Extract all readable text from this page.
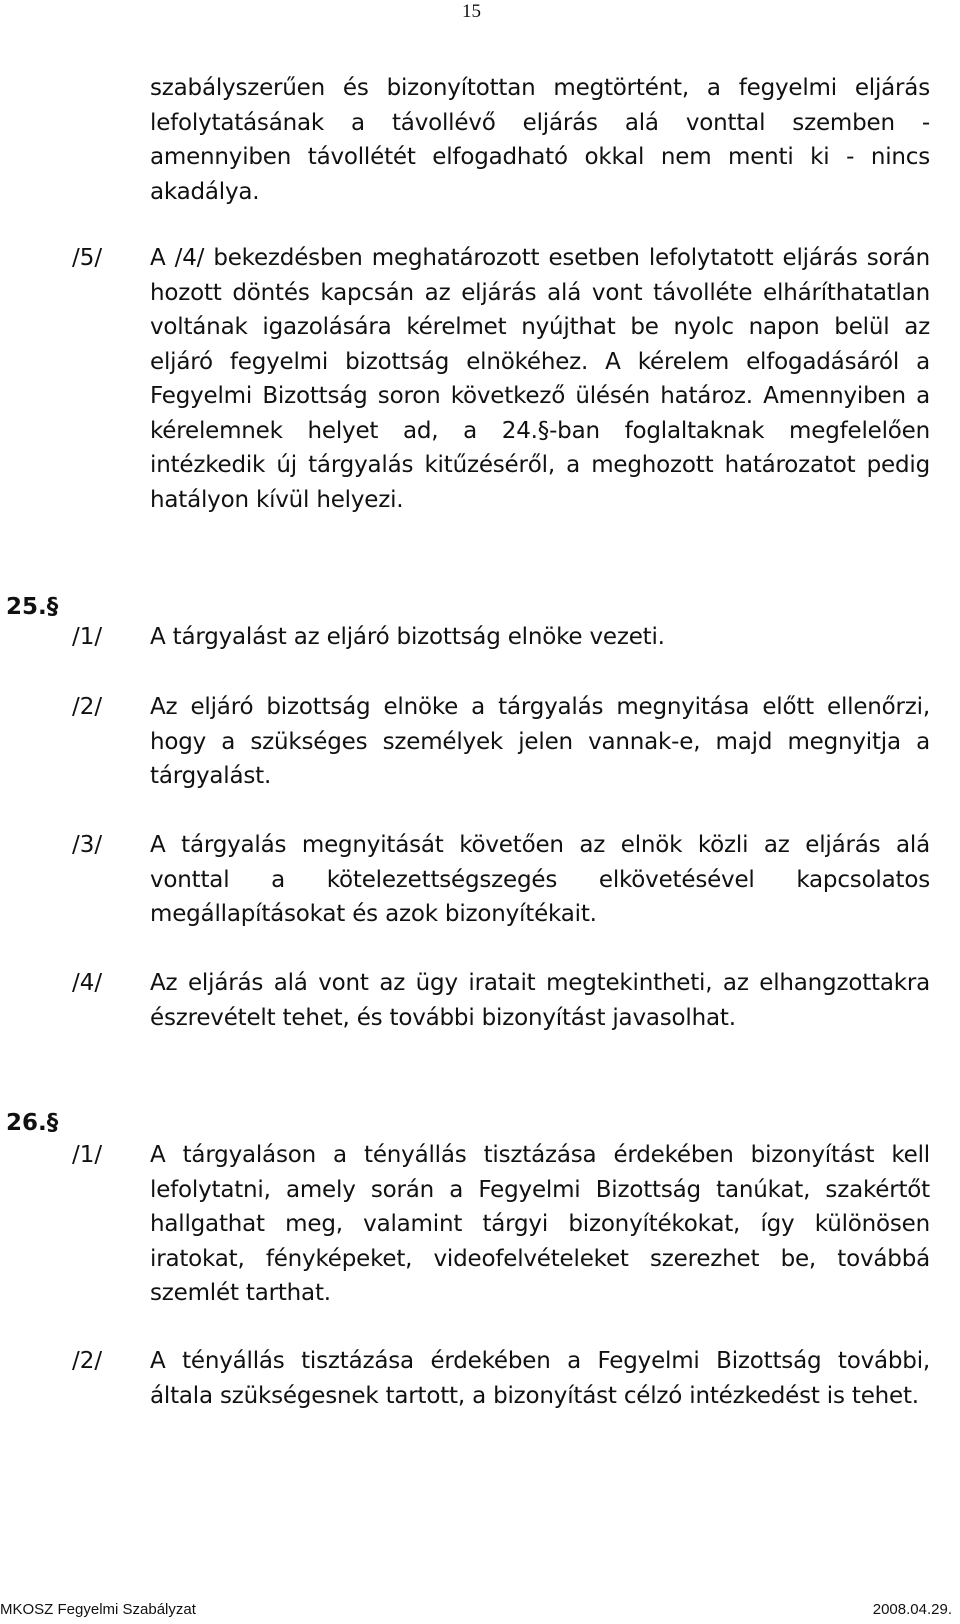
15
szabályszerűen és bizonyítottan megtörtént, a fegyelmi eljárás lefolytatásának a távollévő eljárás alá vonttal szemben - amennyiben távollétét elfogadható okkal nem menti ki - nincs akadálya.
/5/ A /4/ bekezdésben meghatározott esetben lefolytatott eljárás során hozott döntés kapcsán az eljárás alá vont távolléte elháríthatatlan voltának igazolására kérelmet nyújthat be nyolc napon belül az eljáró fegyelmi bizottság elnökéhez. A kérelem elfogadásáról a Fegyelmi Bizottság soron következő ülésén határoz. Amennyiben a kérelemnek helyet ad, a 24.§-ban foglaltaknak megfelelően intézkedik új tárgyalás kitűzéséről, a meghozott határozatot pedig hatályon kívül helyezi.
25.§
/1/ A tárgyalást az eljáró bizottság elnöke vezeti.
/2/ Az eljáró bizottság elnöke a tárgyalás megnyitása előtt ellenőrzi, hogy a szükséges személyek jelen vannak-e, majd megnyitja a tárgyalást.
/3/ A tárgyalás megnyitását követően az elnök közli az eljárás alá vonttal a kötelezettségszegés elkövetésével kapcsolatos megállapításokat és azok bizonyítékait.
/4/ Az eljárás alá vont az ügy iratait megtekintheti, az elhangzottakra észrevételt tehet, és további bizonyítást javasolhat.
26.§
/1/ A tárgyaláson a tényállás tisztázása érdekében bizonyítást kell lefolytatni, amely során a Fegyelmi Bizottság tanúkat, szakértőt hallgathat meg, valamint tárgyi bizonyítékokat, így különösen iratokat, fényképeket, videofelvételeket szerezhet be, továbbá szemlét tarthat.
/2/ A tényállás tisztázása érdekében a Fegyelmi Bizottság további, általa szükségesnek tartott, a bizonyítást célzó intézkedést is tehet.
MKOSZ Fegyelmi Szabályzat	2008.04.29.
